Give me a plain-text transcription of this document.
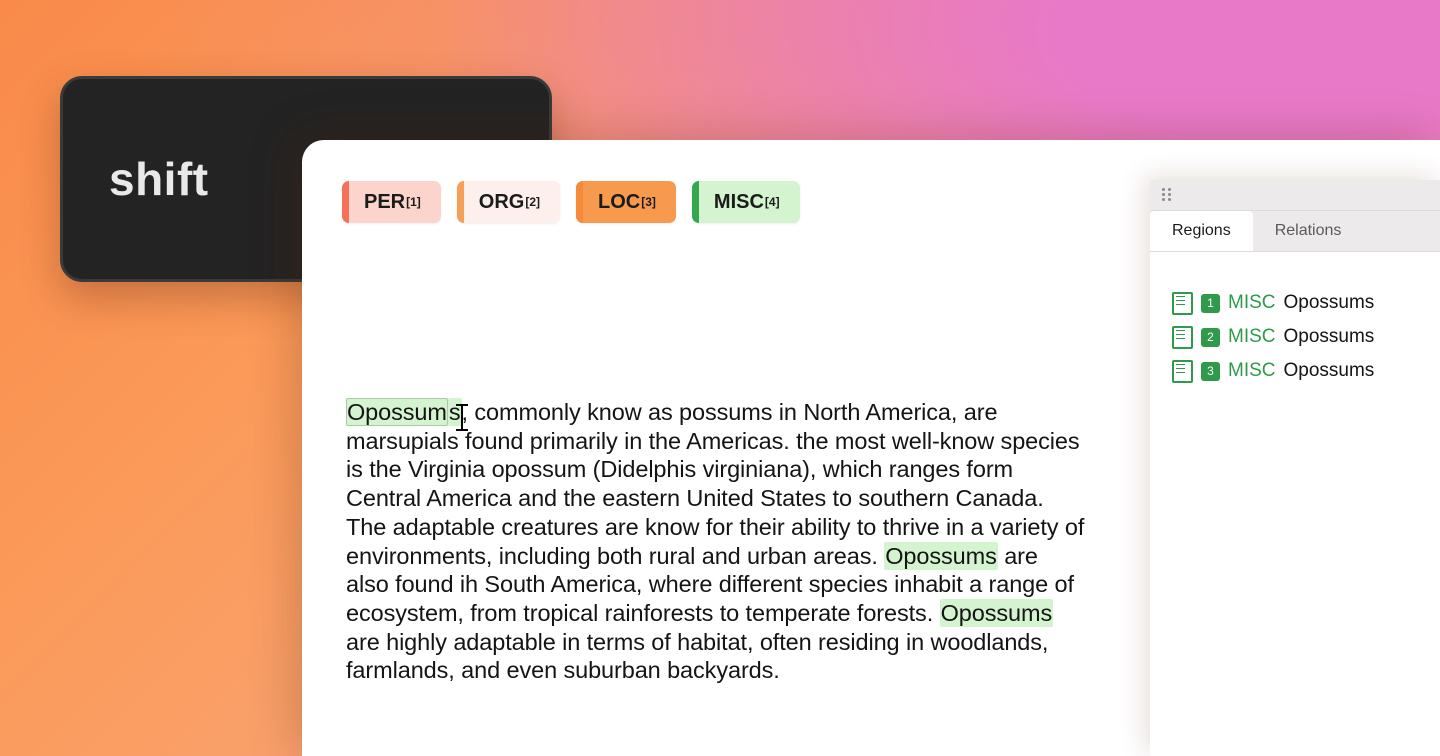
shift	PER [1]	ORG [2]	LOC [3]	MISC [4]
Opossums, commonly know as possums in North America, are marsupials found primarily in the Americas. the most well-know species is the Virginia opossum (Didelphis virginiana), which ranges form Central America and the eastern United States to southern Canada. The adaptable creatures are know for their ability to thrive in a variety of environments, including both rural and urban areas. Opossums are also found ih South America, where different species inhabit a range of ecosystem, from tropical rainforests to temperate forests. Opossums are highly adaptable in terms of habitat, often residing in woodlands, farmlands, and even suburban backyards.
Regions	Relations
1 MISC Opossums
2 MISC Opossums
3 MISC Opossums
